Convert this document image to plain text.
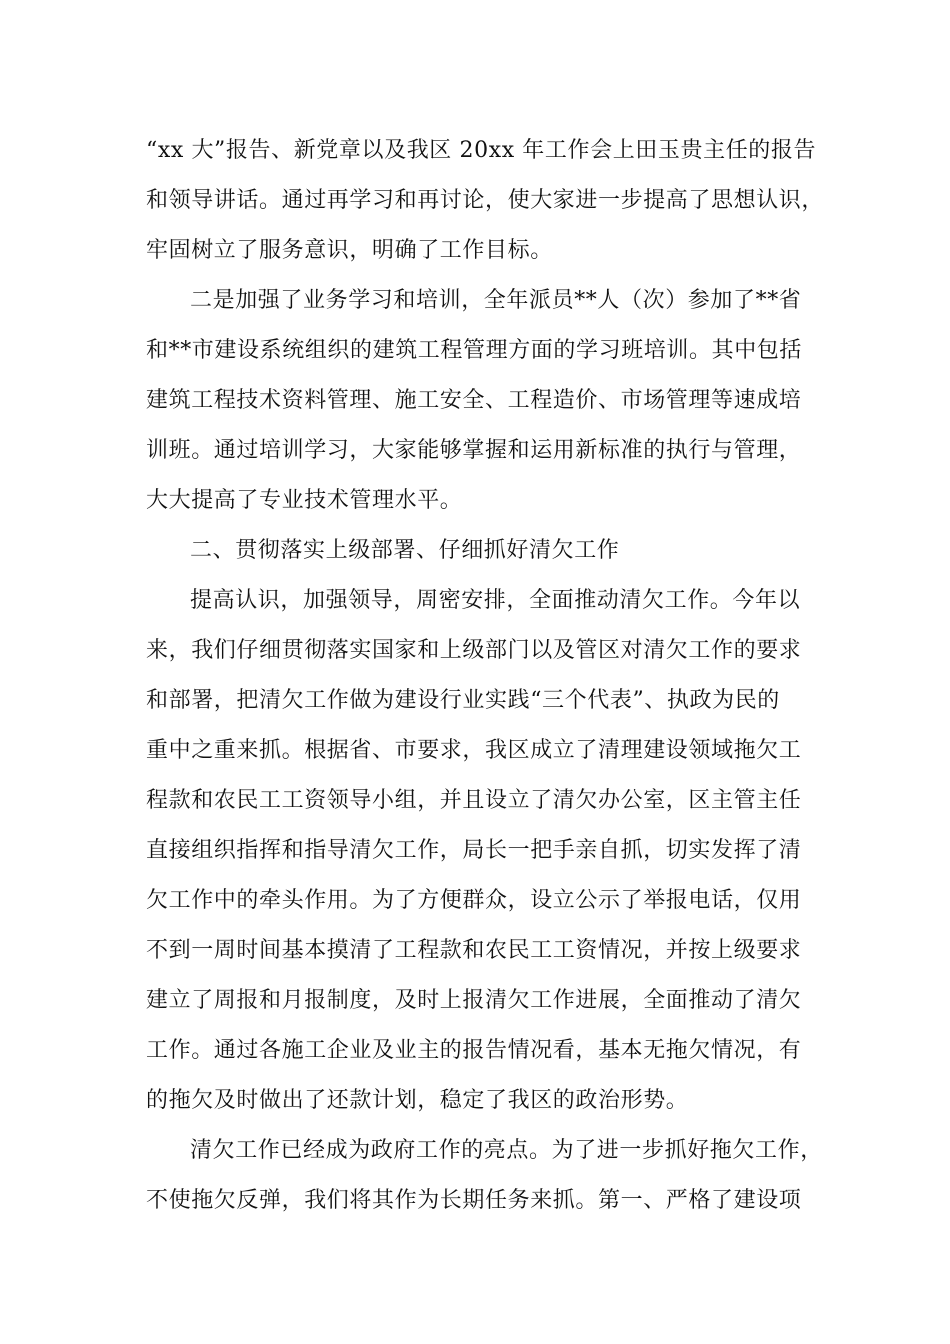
“xx 大”报告、新党章以及我区 20xx 年工作会上田玉贵主任的报告
和领导讲话。通过再学习和再讨论，使大家进一步提高了思想认识，
牢固树立了服务意识，明确了工作目标。
二是加强了业务学习和培训，全年派员**人（次）参加了**省
和**市建设系统组织的建筑工程管理方面的学习班培训。其中包括
建筑工程技术资料管理、施工安全、工程造价、市场管理等速成培
训班。通过培训学习，大家能够掌握和运用新标准的执行与管理，
大大提高了专业技术管理水平。
二、贯彻落实上级部署、仔细抓好清欠工作
提高认识，加强领导，周密安排，全面推动清欠工作。今年以
来，我们仔细贯彻落实国家和上级部门以及管区对清欠工作的要求
和部署，把清欠工作做为建设行业实践“三个代表”、执政为民的
重中之重来抓。根据省、市要求，我区成立了清理建设领域拖欠工
程款和农民工工资领导小组，并且设立了清欠办公室，区主管主任
直接组织指挥和指导清欠工作，局长一把手亲自抓，切实发挥了清
欠工作中的牵头作用。为了方便群众，设立公示了举报电话，仅用
不到一周时间基本摸清了工程款和农民工工资情况，并按上级要求
建立了周报和月报制度，及时上报清欠工作进展，全面推动了清欠
工作。通过各施工企业及业主的报告情况看，基本无拖欠情况，有
的拖欠及时做出了还款计划，稳定了我区的政治形势。
清欠工作已经成为政府工作的亮点。为了进一步抓好拖欠工作，
不使拖欠反弹，我们将其作为长期任务来抓。第一、严格了建设项
